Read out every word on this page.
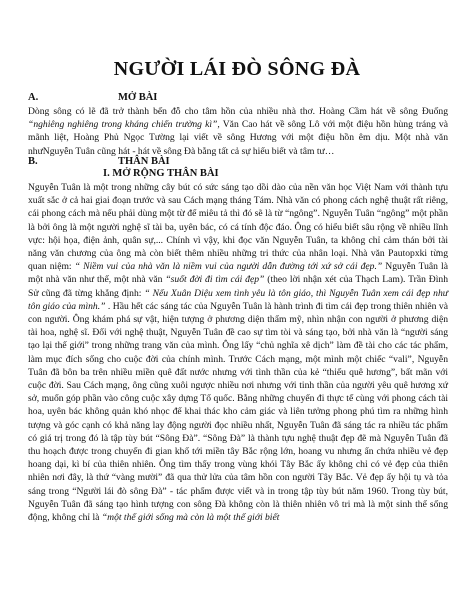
NGƯỜI LÁI ĐÒ SÔNG ĐÀ
A.	MỞ BÀI

Dòng sông có lẽ đã trở thành bến đỗ cho tâm hồn của nhiều nhà thơ. Hoàng Cầm hát về sông Đuống “nghiêng nghiêng trong kháng chiến trường kì”, Văn Cao hát về sông Lô với một điệu hồn hùng tráng và mãnh liệt, Hoàng Phủ Ngọc Tường lại viết về sông Hương với một điệu hồn êm dịu. Một nhà văn nhưNguyễn Tuân cũng hát - hát về sông Đà bằng tất cả sự hiểu biết và tâm tư…

B.	THÂN BÀI
I. MỞ RỘNG THÂN BÀI

Nguyễn Tuân là một trong những cây bút có sức sáng tạo dồi dào của nền văn học Việt Nam với thành tựu xuất sắc ở cả hai giai đoạn trước và sau Cách mạng tháng Tám. Nhà văn có phong cách nghệ thuật rất riêng, cái phong cách mà nếu phải dùng một từ để miêu tả thì đó sẽ là từ “ngông”. Nguyễn Tuân “ngông” một phần là bởi ông là một người nghệ sĩ tài ba, uyên bác, có cá tính độc đáo. Ông có hiểu biết sâu rộng về nhiều lĩnh vực: hội họa, điện ảnh, quân sự,... Chính vì vậy, khi đọc văn Nguyễn Tuân, ta không chỉ cảm thán bởi tài năng văn chương của ông mà còn biết thêm nhiều những tri thức của nhân loại. Nhà văn Pautopxki từng quan niệm: “ Niềm vui của nhà văn là niềm vui của người dẫn đường tới xứ sở cái đẹp.” Nguyễn Tuân là một nhà văn như thế, một nhà văn “suốt đời đi tìm cái đẹp” (theo lời nhận xét của Thạch Lam). Trần Đình Sử cũng đã từng khẳng định: “ Nếu Xuân Diệu xem tình yêu là tôn giáo, thì Nguyễn Tuân xem cái đẹp như tôn giáo của mình.” . Hầu hết các sáng tác của Nguyễn Tuân là hành trình đi tìm cái đẹp trong thiên nhiên và con người. Ông khám phá sự vật, hiện tượng ở phương diện thẩm mỹ, nhìn nhận con người ở phương diện tài hoa, nghệ sĩ. Đối với nghệ thuật, Nguyễn Tuân đề cao sự tìm tòi và sáng tạo, bởi nhà văn là “người sáng tạo lại thế giới” trong những trang văn của mình. Ông lấy “chủ nghĩa xê dịch” làm đề tài cho các tác phẩm, làm mục đích sống cho cuộc đời của chính mình. Trước Cách mạng, một mình một chiếc “vali”, Nguyễn Tuân đã bôn ba trên nhiều miền quê đất nước nhưng với tình thần của kẻ “thiếu quê hương”, bất mãn với cuộc đời. Sau Cách mạng, ông cũng xuôi ngược nhiều nơi nhưng với tinh thần của người yêu quê hương xứ sở, muốn góp phần vào công cuộc xây dựng Tổ quốc. Bằng những chuyến đi thực tế cùng với phong cách tài hoa, uyên bác không quản khó nhọc để khai thác kho cảm giác và liên tưởng phong phú tìm ra những hình tượng và góc cạnh có khả năng lay động người đọc nhiều nhất, Nguyễn Tuân đã sáng tác ra nhiều tác phẩm có giá trị trong đó là tập tùy bút “Sông Đà”. “Sông Đà” là thành tựu nghệ thuật đẹp đẽ mà Nguyễn Tuân đã thu hoạch được trong chuyến đi gian khổ tới miền tây Bắc rộng lớn, hoang vu nhưng ẩn chứa nhiều vẻ đẹp hoang dại, kì bí của thiên nhiên. Ông tìm thấy trong vùng khói Tây Bắc ấy không chỉ có vẻ đẹp của thiên nhiên nơi đây, là thứ “vàng mười” đã qua thử lửa của tâm hồn con người Tây Bắc. Vẻ đẹp ấy hội tụ và tỏa sáng trong “Người lái đò sông Đà” - tác phẩm được viết và in trong tập tùy bút năm 1960. Trong tùy bút, Nguyễn Tuân đã sáng tạo hình tượng con sông Đà không còn là thiên nhiên vô tri mà là một sinh thể sống động, không chỉ là “một thế giới sống mà còn là một thế giới biết
